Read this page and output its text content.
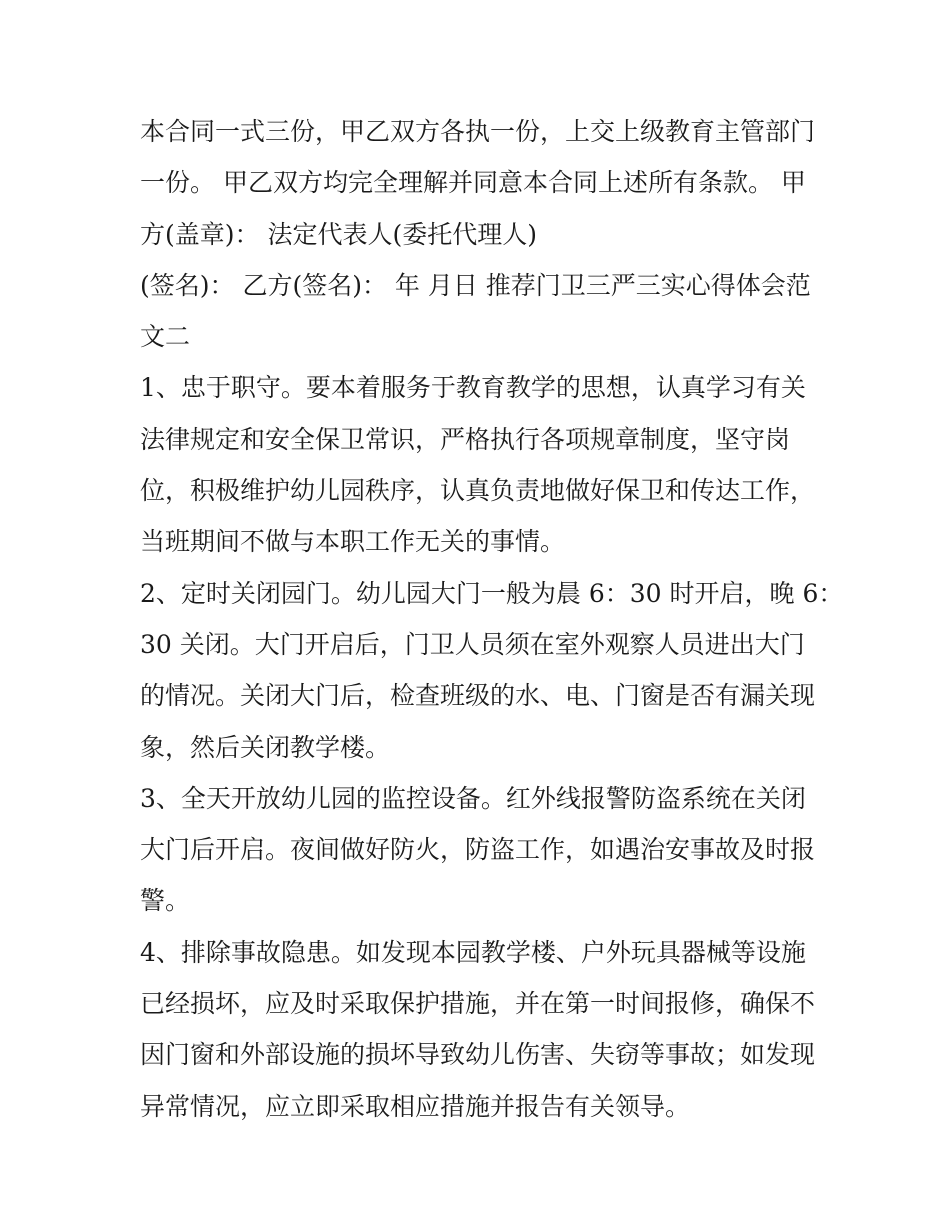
本合同一式三份，甲乙双方各执一份，上交上级教育主管部门
一份。 甲乙双方均完全理解并同意本合同上述所有条款。 甲
方(盖章)： 法定代表人(委托代理人)
(签名)： 乙方(签名)： 年 月日 推荐门卫三严三实心得体会范
文二
1、忠于职守。要本着服务于教育教学的思想，认真学习有关
法律规定和安全保卫常识，严格执行各项规章制度，坚守岗
位，积极维护幼儿园秩序，认真负责地做好保卫和传达工作，
当班期间不做与本职工作无关的事情。
2、定时关闭园门。幼儿园大门一般为晨 6：30 时开启，晚 6：
30 关闭。大门开启后，门卫人员须在室外观察人员进出大门
的情况。关闭大门后，检查班级的水、电、门窗是否有漏关现
象，然后关闭教学楼。
3、全天开放幼儿园的监控设备。红外线报警防盗系统在关闭
大门后开启。夜间做好防火，防盗工作，如遇治安事故及时报
警。
4、排除事故隐患。如发现本园教学楼、户外玩具器械等设施
已经损坏，应及时采取保护措施，并在第一时间报修，确保不
因门窗和外部设施的损坏导致幼儿伤害、失窃等事故；如发现
异常情况，应立即采取相应措施并报告有关领导。
